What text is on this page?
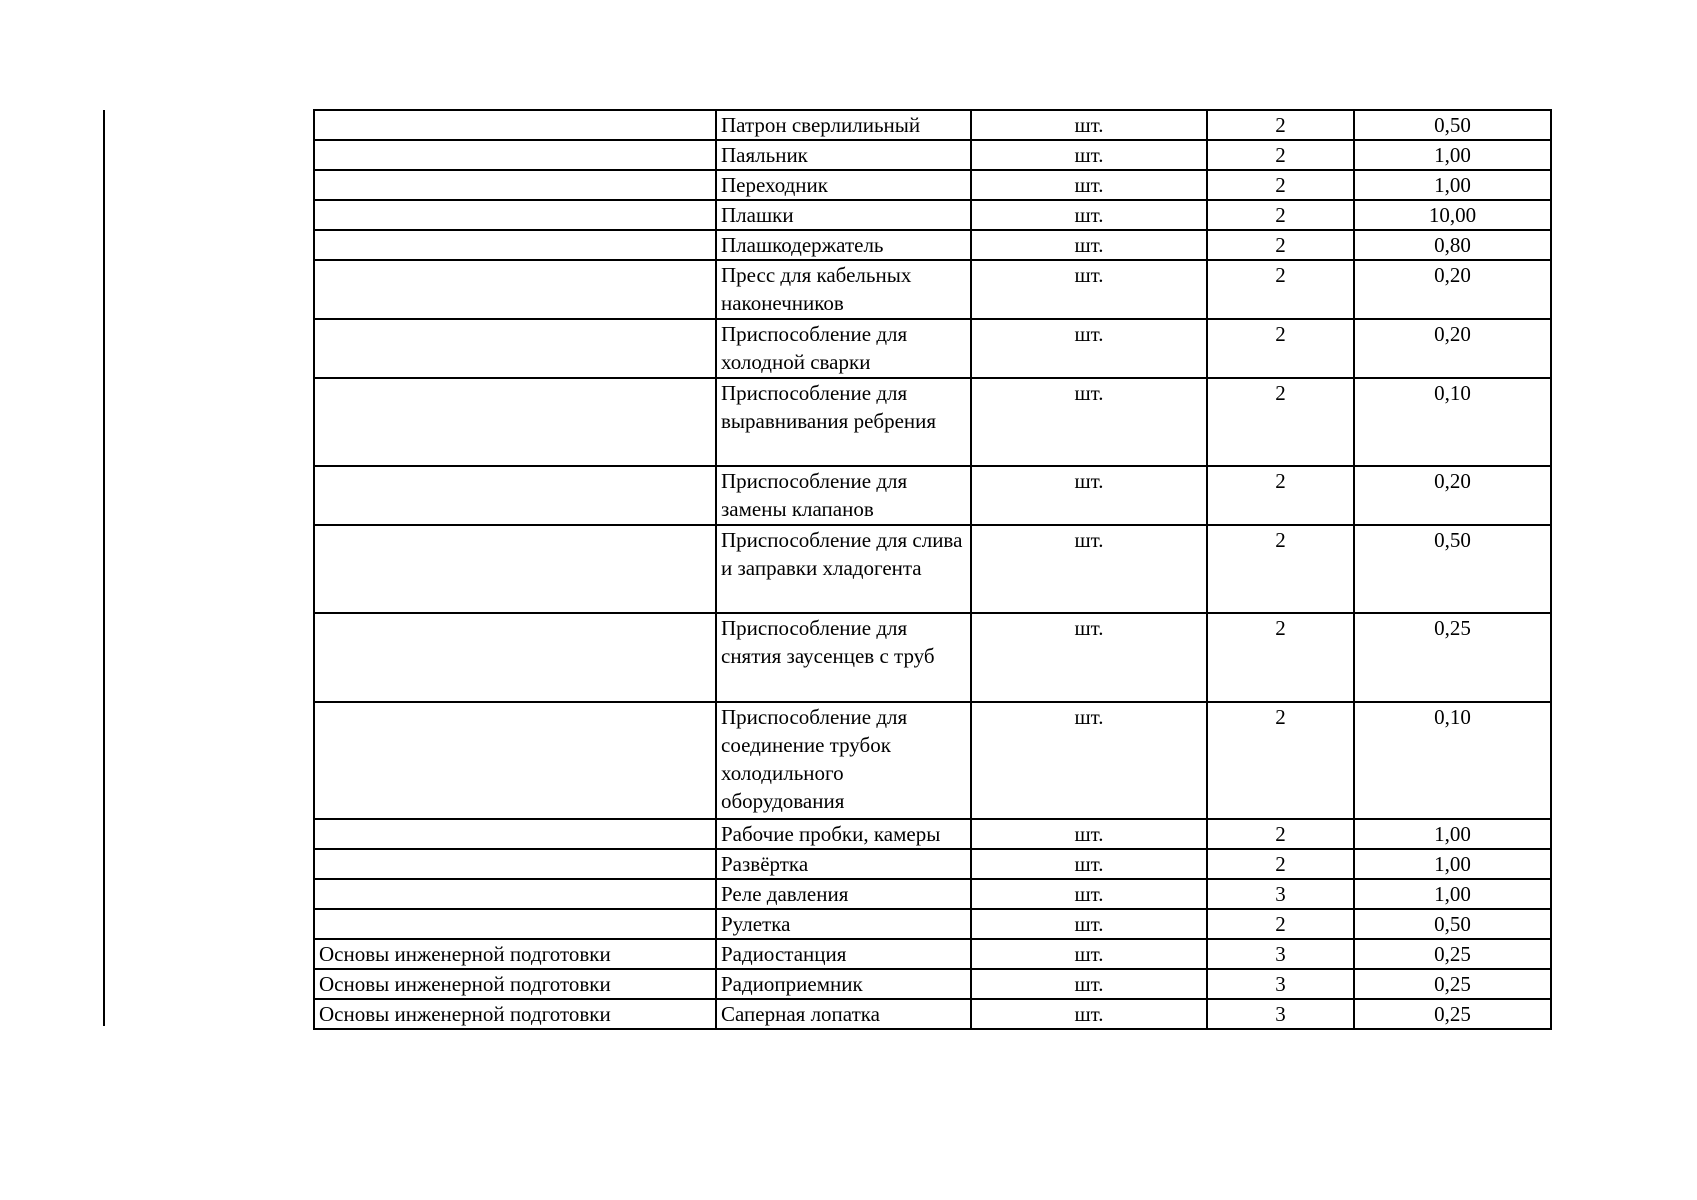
	Патрон сверлилиьный	шт.	2	0,50
	Паяльник	шт.	2	1,00
	Переходник	шт.	2	1,00
	Плашки	шт.	2	10,00
	Плашкодержатель	шт.	2	0,80
	Пресс для кабельных наконечников	шт.	2	0,20
	Приспособление для холодной сварки	шт.	2	0,20
	Приспособление для выравнивания ребрения	шт.	2	0,10
	Приспособление для замены клапанов	шт.	2	0,20
	Приспособление для слива и заправки хладогента	шт.	2	0,50
	Приспособление для снятия заусенцев с труб	шт.	2	0,25
	Приспособление для соединение трубок холодильного оборудования	шт.	2	0,10
	Рабочие пробки, камеры	шт.	2	1,00
	Развёртка	шт.	2	1,00
	Реле давления	шт.	3	1,00
	Рулетка	шт.	2	0,50
Основы инженерной подготовки	Радиостанция	шт.	3	0,25
Основы инженерной подготовки	Радиоприемник	шт.	3	0,25
Основы инженерной подготовки	Саперная лопатка	шт.	3	0,25
